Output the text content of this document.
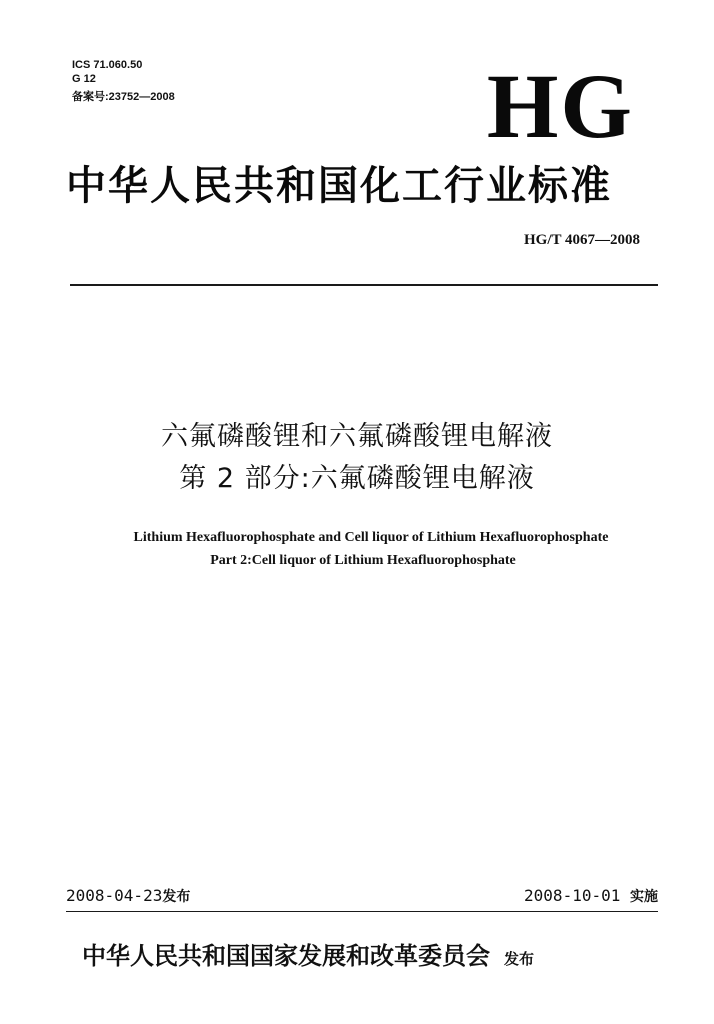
ICS 71.060.50
G 12
备案号:23752—2008	HG
中华人民共和国化工行业标准
HG/T 4067—2008
六氟磷酸锂和六氟磷酸锂电解液
第 2 部分:六氟磷酸锂电解液
Lithium Hexafluorophosphate and Cell liquor of Lithium Hexafluorophosphate
Part 2:Cell liquor of Lithium Hexafluorophosphate
2008-04-23发布	2008-10-01 实施
中华人民共和国国家发展和改革委员会 发布
